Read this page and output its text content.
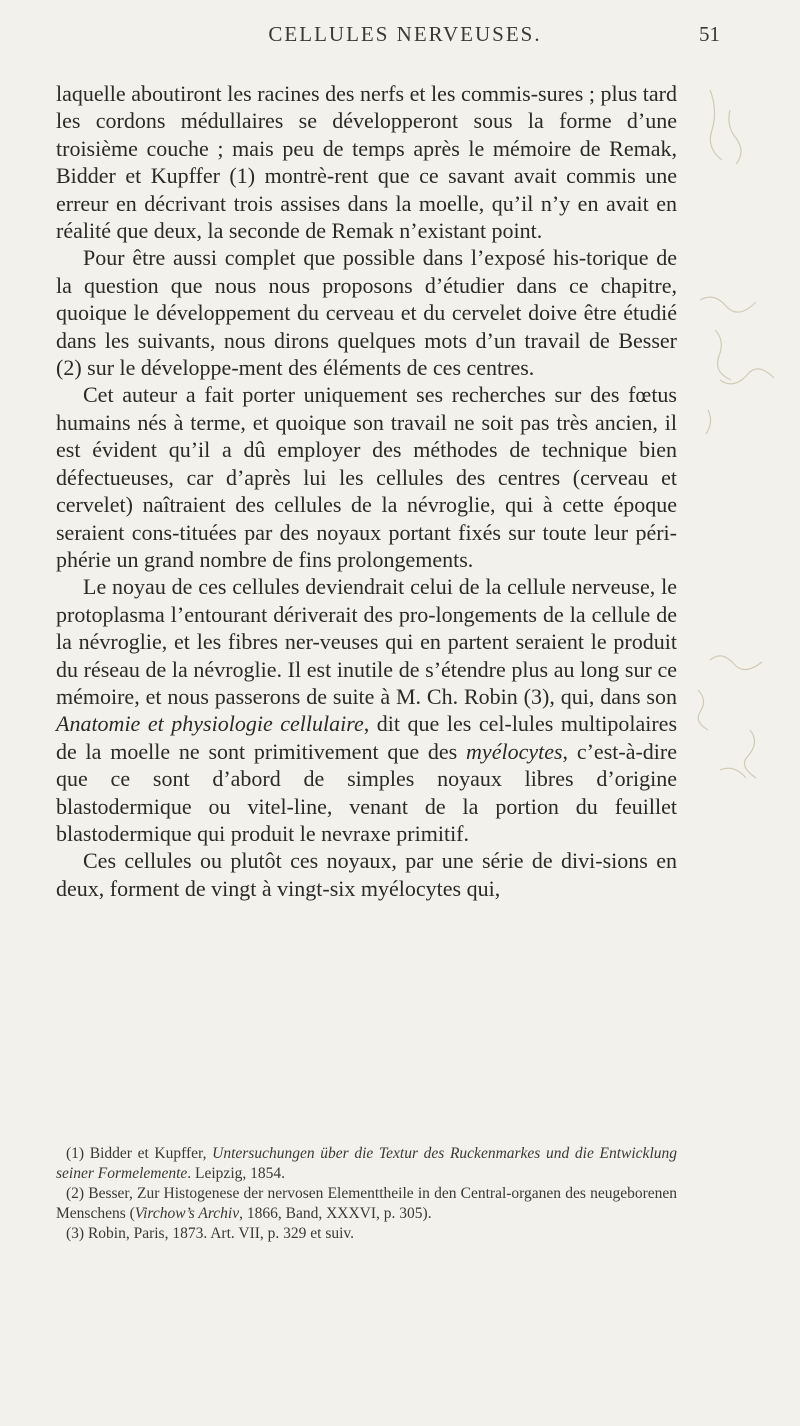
CELLULES NERVEUSES.	51

laquelle aboutiront les racines des nerfs et les commis-sures ; plus tard les cordons médullaires se développeront sous la forme d’une troisième couche ; mais peu de temps après le mémoire de Remak, Bidder et Kupffer (1) montrè-rent que ce savant avait commis une erreur en décrivant trois assises dans la moelle, qu’il n’y en avait en réalité que deux, la seconde de Remak n’existant point.

Pour être aussi complet que possible dans l’exposé his-torique de la question que nous nous proposons d’étudier dans ce chapitre, quoique le développement du cerveau et du cervelet doive être étudié dans les suivants, nous dirons quelques mots d’un travail de Besser (2) sur le développe-ment des éléments de ces centres.

Cet auteur a fait porter uniquement ses recherches sur des fœtus humains nés à terme, et quoique son travail ne soit pas très ancien, il est évident qu’il a dû employer des méthodes de technique bien défectueuses, car d’après lui les cellules des centres (cerveau et cervelet) naîtraient des cellules de la névroglie, qui à cette époque seraient cons-tituées par des noyaux portant fixés sur toute leur péri-phérie un grand nombre de fins prolongements.

Le noyau de ces cellules deviendrait celui de la cellule nerveuse, le protoplasma l’entourant dériverait des pro-longements de la cellule de la névroglie, et les fibres ner-veuses qui en partent seraient le produit du réseau de la névroglie. Il est inutile de s’étendre plus au long sur ce mémoire, et nous passerons de suite à M. Ch. Robin (3), qui, dans son Anatomie et physiologie cellulaire, dit que les cel-lules multipolaires de la moelle ne sont primitivement que des myélocytes, c’est-à-dire que ce sont d’abord de simples noyaux libres d’origine blastodermique ou vitel-line, venant de la portion du feuillet blastodermique qui produit le nevraxe primitif.

Ces cellules ou plutôt ces noyaux, par une série de divi-sions en deux, forment de vingt à vingt-six myélocytes qui,

(1) Bidder et Kupffer, Untersuchungen über die Textur des Ruckenmarkes und die Entwicklung seiner Formelemente. Leipzig, 1854.

(2) Besser, Zur Histogenese der nervosen Elementtheile in den Central-organen des neugeborenen Menschens (Virchow’s Archiv, 1866, Band, XXXVI, p. 305).

(3) Robin, Paris, 1873. Art. VII, p. 329 et suiv.
